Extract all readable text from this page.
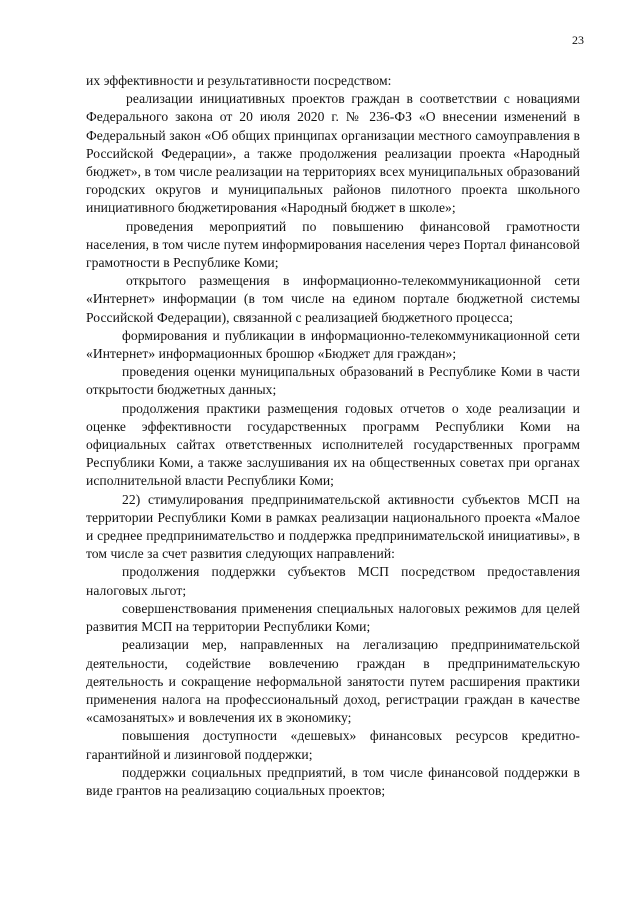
23

их эффективности и результативности посредством:

реализации инициативных проектов граждан в соответствии с новациями Федерального закона от 20 июля 2020 г. № 236-ФЗ «О внесении изменений в Федеральный закон «Об общих принципах организации местного самоуправления в Российской Федерации», а также продолжения реализации проекта «Народный бюджет», в том числе реализации на территориях всех муниципальных образований городских округов и муниципальных районов пилотного проекта школьного инициативного бюджетирования «Народный бюджет в школе»;

проведения мероприятий по повышению финансовой грамотности населения, в том числе путем информирования населения через Портал финансовой грамотности в Республике Коми;

открытого размещения в информационно-телекоммуникационной сети «Интернет» информации (в том числе на едином портале бюджетной системы Российской Федерации), связанной с реализацией бюджетного процесса;

формирования и публикации в информационно-телекоммуникационной сети «Интернет» информационных брошюр «Бюджет для граждан»;

проведения оценки муниципальных образований в Республике Коми в части открытости бюджетных данных;

продолжения практики размещения годовых отчетов о ходе реализации и оценке эффективности государственных программ Республики Коми на официальных сайтах ответственных исполнителей государственных программ Республики Коми, а также заслушивания их на общественных советах при органах исполнительной власти Республики Коми;

22) стимулирования предпринимательской активности субъектов МСП на территории Республики Коми в рамках реализации национального проекта «Малое и среднее предпринимательство и поддержка предпринимательской инициативы», в том числе за счет развития следующих направлений:

продолжения поддержки субъектов МСП посредством предоставления налоговых льгот;

совершенствования применения специальных налоговых режимов для целей развития МСП на территории Республики Коми;

реализации мер, направленных на легализацию предпринимательской деятельности, содействие вовлечению граждан в предпринимательскую деятельность и сокращение неформальной занятости путем расширения практики применения налога на профессиональный доход, регистрации граждан в качестве «самозанятых» и вовлечения их в экономику;

повышения доступности «дешевых» финансовых ресурсов кредитно-гарантийной и лизинговой поддержки;

поддержки социальных предприятий, в том числе финансовой поддержки в виде грантов на реализацию социальных проектов;
